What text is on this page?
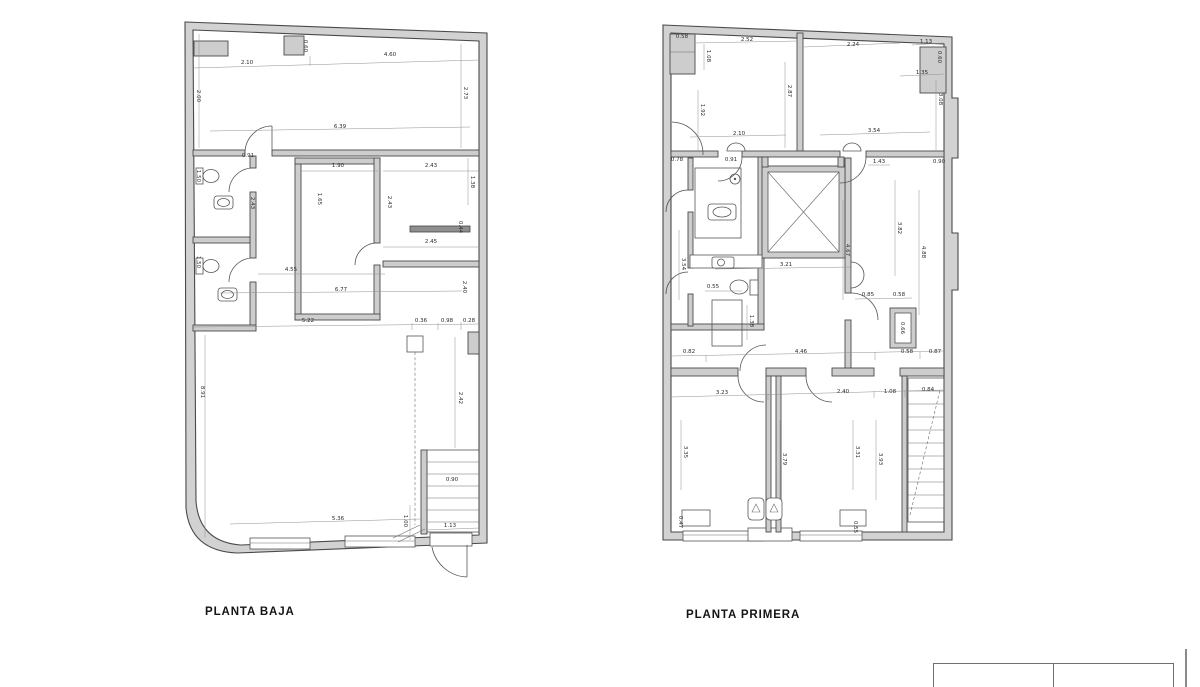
2.10
0.60
4.60
2.00	2.73
6.39
0.91
1.90	2.43
1.38
1.50
2.43	1.65	2.43
0.44
1.50
2.45
4.55
6.77	2.40
5.22	0.36	0.98 0.28
8.91	2.42
0.90
1.13
5.36	1.00
0.58	2.52
1.08
2.24	1.13
0.60
1.35
1.92
2.87
3.08
2.10	3.54
0.78	0.91	1.43	0.90
3.82
4.88
4.67
3.54	3.21
0.55
1.38
0.85	0.58
0.66
0.82	4.46	0.58	0.87
3.23	2.40	1.08	0.84
3.35
3.79
3.31
3.93
0.47	0.55
PLANTA BAJA	PLANTA PRIMERA
